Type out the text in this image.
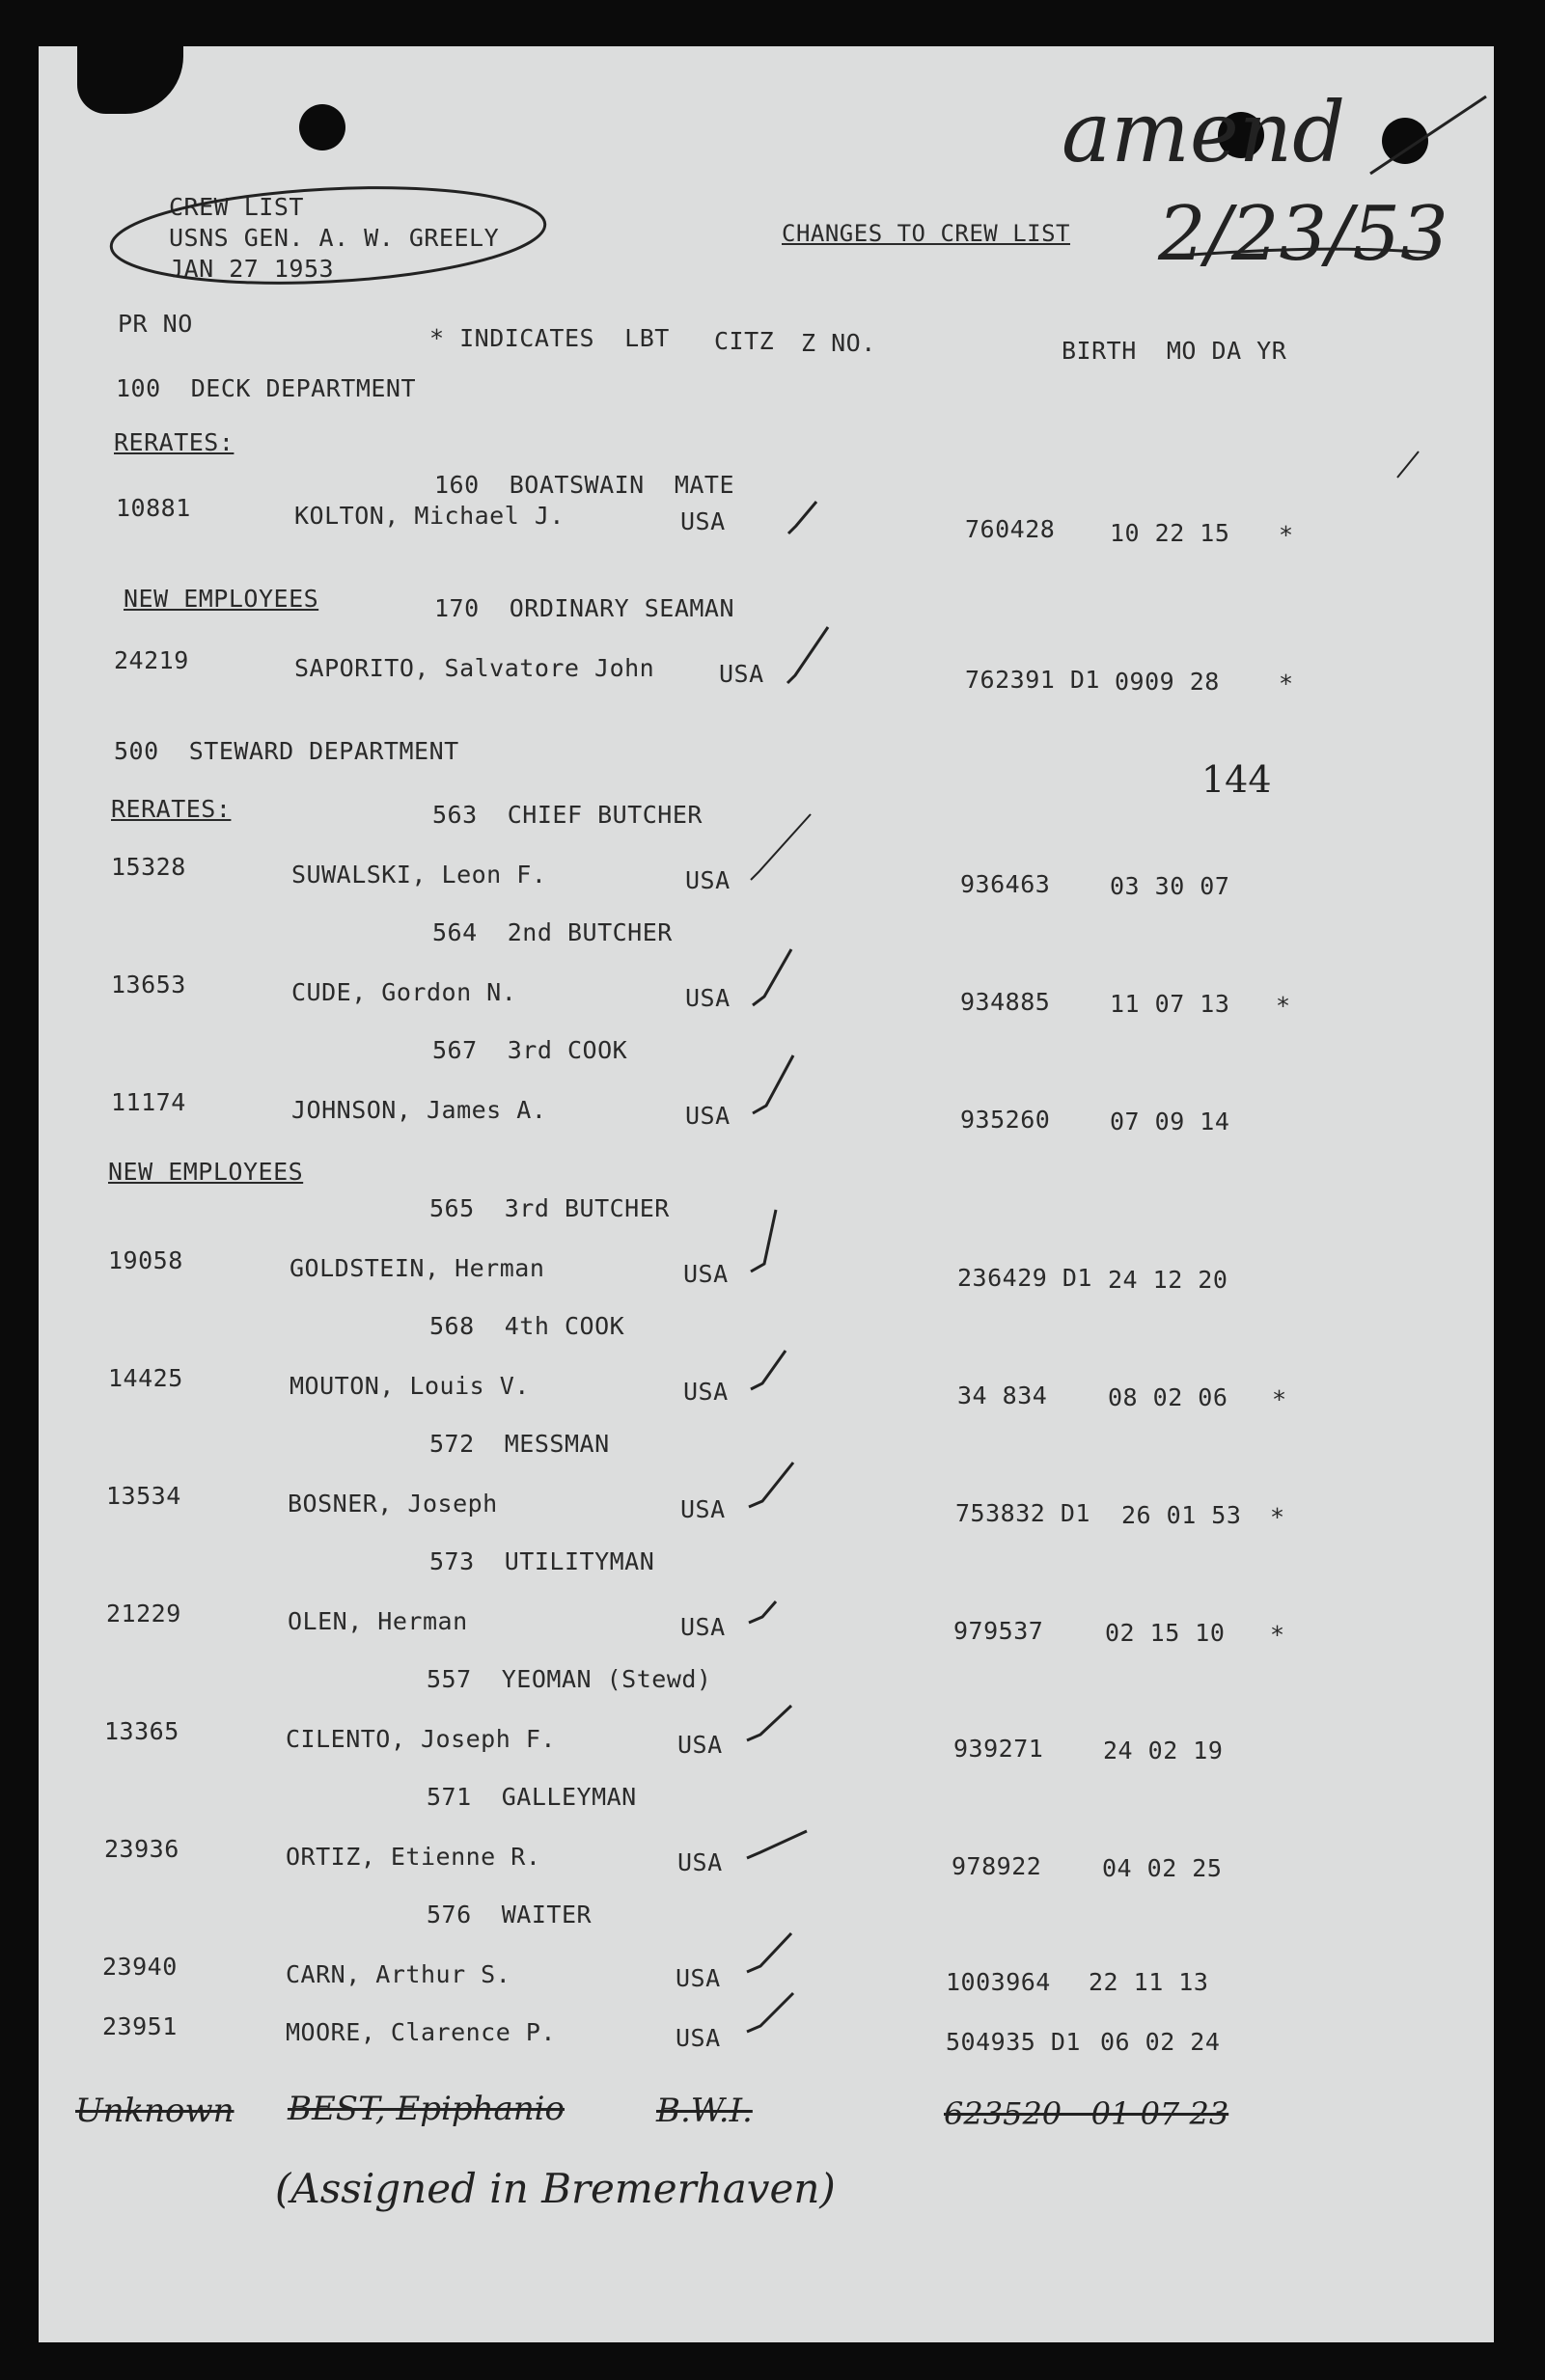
amend
2/23/53
CREW LIST
USNS GEN. A. W. GREELY
JAN 27 1953
CHANGES TO CREW LIST
PR NO
* INDICATES  LBT CITZ Z NO.	BIRTH  MO DA YR
100  DECK DEPARTMENT
RERATES:
160  BOATSWAIN  MATE
10881	KOLTON, Michael J.	USA	760428 10 22 15 *
NEW EMPLOYEES	170  ORDINARY SEAMAN
24219	SAPORITO, Salvatore John	USA	762391 D1 0909 28 *
500  STEWARD DEPARTMENT
144
RERATES:	563  CHIEF BUTCHER
15328	SUWALSKI, Leon F.	USA	936463 03 30 07
564  2nd BUTCHER
13653	CUDE, Gordon N.	USA	934885 11 07 13 *
567  3rd COOK
11174	JOHNSON, James A.	USA	935260 07 09 14
NEW EMPLOYEES
565  3rd BUTCHER
19058	GOLDSTEIN, Herman	USA	236429 D1 24 12 20
568  4th COOK
14425	MOUTON, Louis V.	USA	34 834	08 02 06 *
572  MESSMAN
13534	BOSNER, Joseph	USA	753832 D1 26 01 53 *
573  UTILITYMAN
21229	OLEN, Herman	USA	979537	02 15 10 *
557  YEOMAN (Stewd)
13365	CILENTO, Joseph F.	USA	939271 24 02 19
571  GALLEYMAN
23936	ORTIZ, Etienne R.	USA	978922	04 02 25
576  WAITER
23940	CARN, Arthur S.	USA	1003964 22 11 13
23951	MOORE, Clarence P.	USA	504935 D1 06 02 24
Unknown BEST, Epiphanio	B.W.I.	623520   01 07 23
(Assigned in Bremerhaven)
